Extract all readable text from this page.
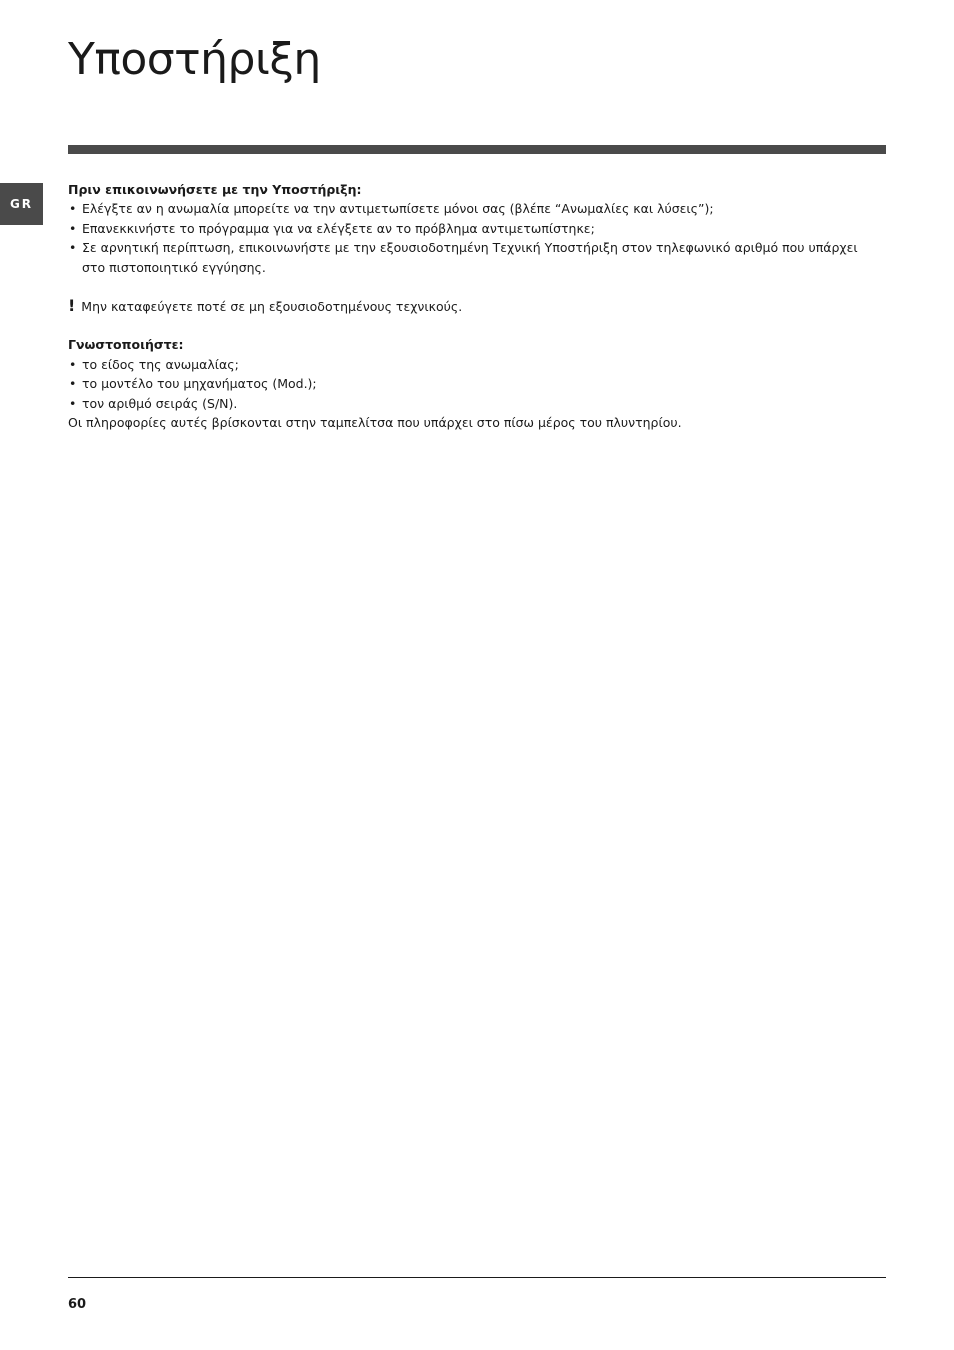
Υποστήριξη
GR

Πριν επικοινωνήσετε με την Υποστήριξη:

• Ελέγξτε αν η ανωμαλία μπορείτε να την αντιμετωπίσετε μόνοι σας (βλέπε “Ανωμαλίες και λύσεις”);
• Επανεκκινήστε το πρόγραμμα για να ελέγξετε αν το πρόβλημα αντιμετωπίστηκε;
• Σε αρνητική περίπτωση, επικοινωνήστε με την εξουσιοδοτημένη Τεχνική Υποστήριξη στον τηλεφωνικό αριθμό που υπάρχει στο πιστοποιητικό εγγύησης.

! Μην καταφεύγετε ποτέ σε μη εξουσιοδοτημένους τεχνικούς.

Γνωστοποιήστε:

• το είδος της ανωμαλίας;
• το μοντέλο του μηχανήματος (Mod.);
• τον αριθμό σειράς (S/N).

Οι πληροφορίες αυτές βρίσκονται στην ταμπελίτσα που υπάρχει στο πίσω μέρος του πλυντηρίου.

60
